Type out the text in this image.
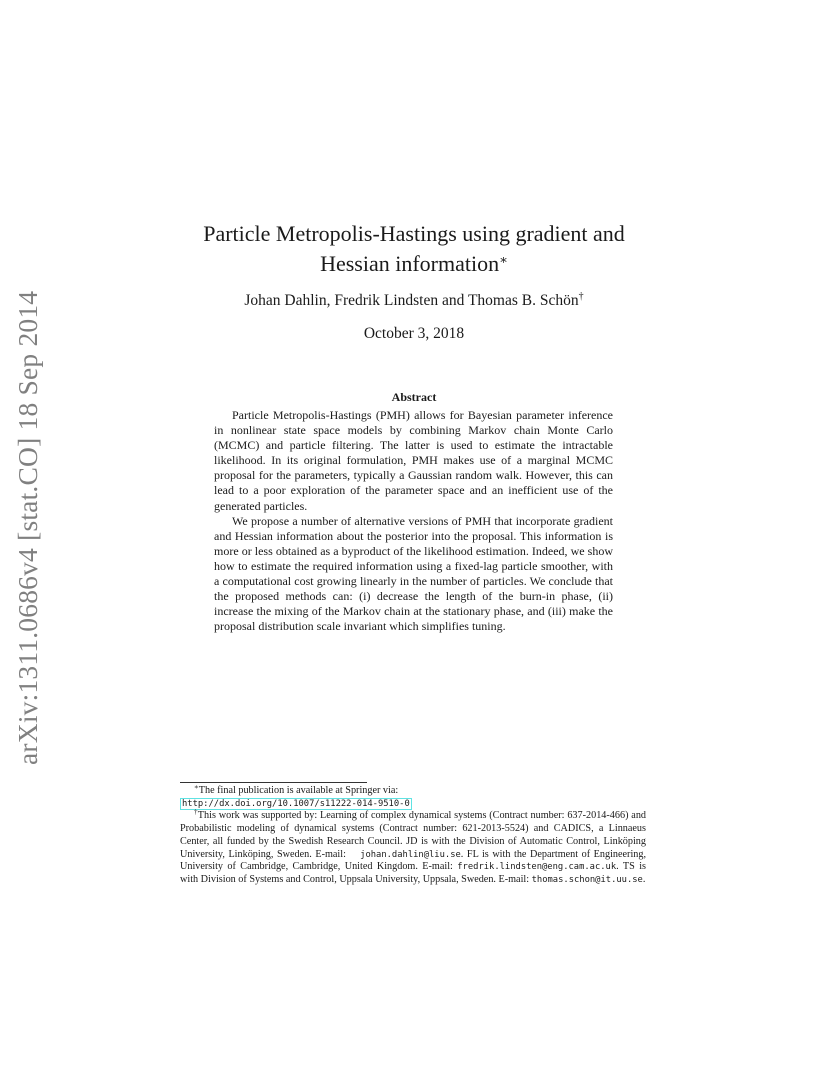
arXiv:1311.0686v4 [stat.CO] 18 Sep 2014
Particle Metropolis-Hastings using gradient and
Hessian information∗
Johan Dahlin, Fredrik Lindsten and Thomas B. Schön†
October 3, 2018
Abstract

Particle Metropolis-Hastings (PMH) allows for Bayesian parameter inference in nonlinear state space models by combining Markov chain Monte Carlo (MCMC) and particle filtering. The latter is used to estimate the intractable likelihood. In its original formulation, PMH makes use of a marginal MCMC proposal for the parameters, typically a Gaussian random walk. However, this can lead to a poor exploration of the parameter space and an inefficient use of the generated particles.

We propose a number of alternative versions of PMH that incorporate gradient and Hessian information about the posterior into the proposal. This information is more or less obtained as a byproduct of the likelihood estimation. Indeed, we show how to estimate the required information using a fixed-lag particle smoother, with a computational cost growing linearly in the number of particles. We conclude that the proposed methods can: (i) decrease the length of the burn-in phase, (ii) increase the mixing of the Markov chain at the stationary phase, and (iii) make the proposal distribution scale invariant which simplifies tuning.

∗The final publication is available at Springer via:

http://dx.doi.org/10.1007/s11222-014-9510-0

†This work was supported by: Learning of complex dynamical systems (Contract number: 637-2014-466) and Probabilistic modeling of dynamical systems (Contract number: 621-2013-5524) and CADICS, a Linnaeus Center, all funded by the Swedish Research Council. JD is with the Division of Automatic Control, Linköping University, Linköping, Sweden. E-mail: johan.dahlin@liu.se. FL is with the Department of Engineering, University of Cambridge, Cambridge, United Kingdom. E-mail: fredrik.lindsten@eng.cam.ac.uk. TS is with Division of Systems and Control, Uppsala University, Uppsala, Sweden. E-mail: thomas.schon@it.uu.se.
